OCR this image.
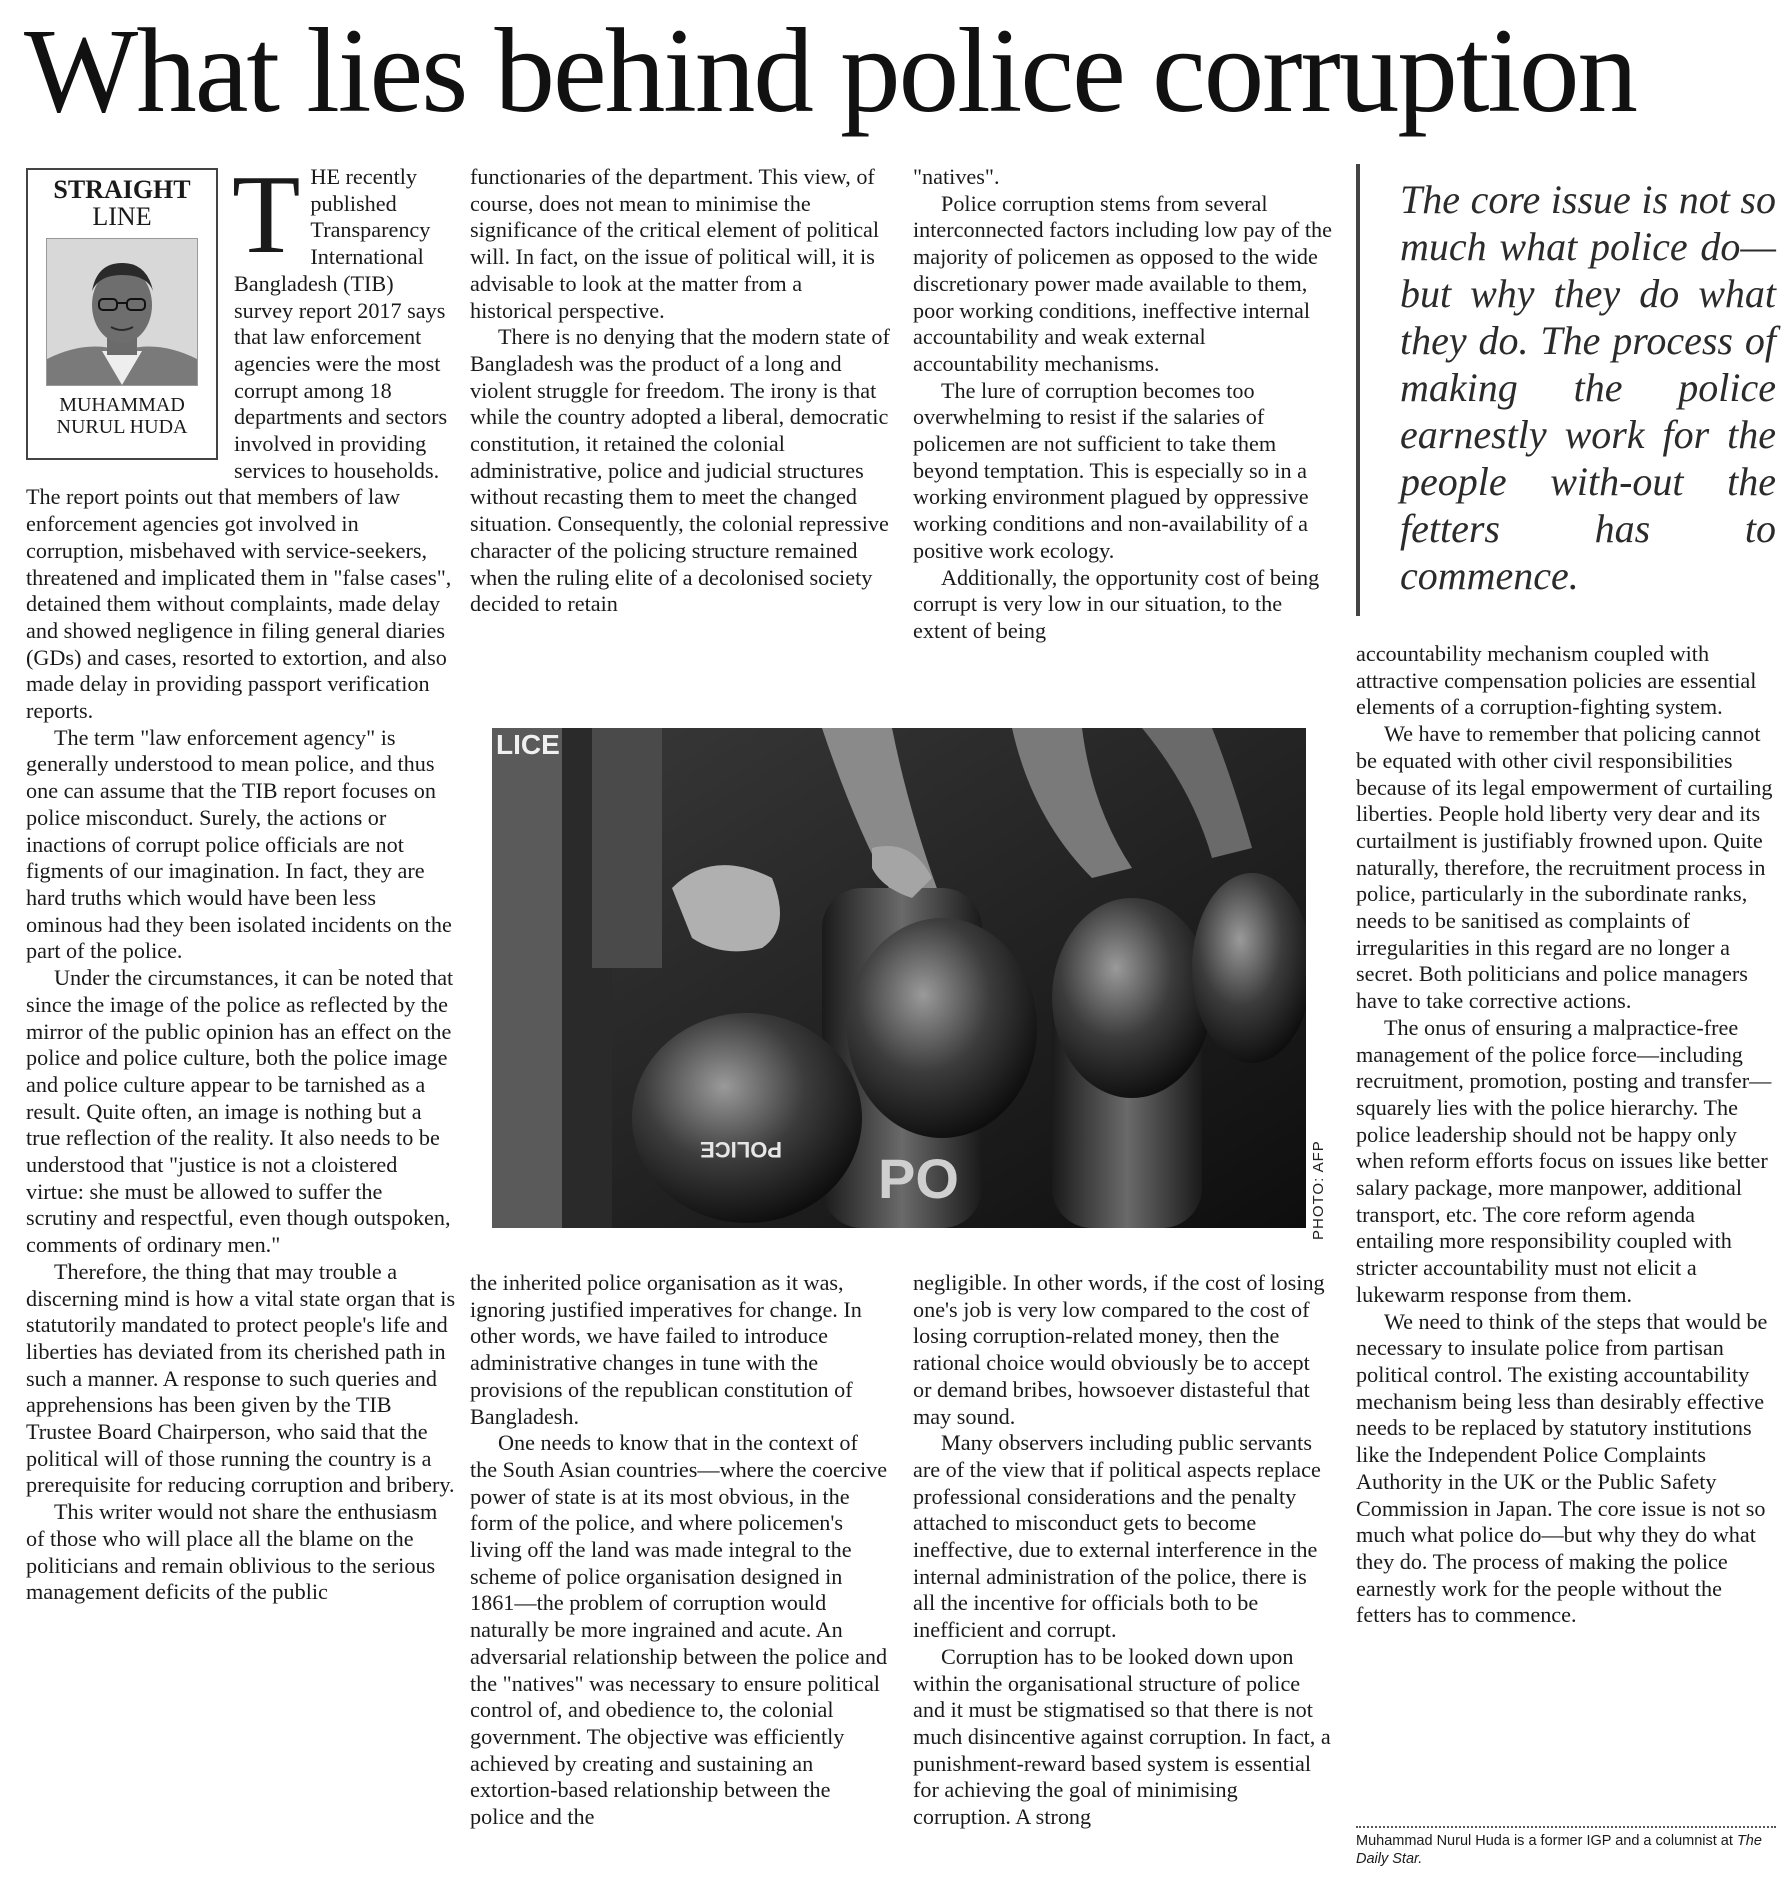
What lies behind police corruption
STRAIGHT
LINE
MUHAMMAD
NURUL HUDA

THE recently published Transparency International Bangladesh (TIB) survey report 2017 says that law enforcement agencies were the most corrupt among 18 departments and sectors involved in providing services to households. The report points out that members of law enforcement agencies got involved in corruption, misbehaved with service-seekers, threatened and implicated them in "false cases", detained them without complaints, made delay and showed negligence in filing general diaries (GDs) and cases, resorted to extortion, and also made delay in providing passport verification reports.

The term "law enforcement agency" is generally understood to mean police, and thus one can assume that the TIB report focuses on police misconduct. Surely, the actions or inactions of corrupt police officials are not figments of our imagination. In fact, they are hard truths which would have been less ominous had they been isolated incidents on the part of the police.

Under the circumstances, it can be noted that since the image of the police as reflected by the mirror of the public opinion has an effect on the police and police culture, both the police image and police culture appear to be tarnished as a result. Quite often, an image is nothing but a true reflection of the reality. It also needs to be understood that "justice is not a cloistered virtue: she must be allowed to suffer the scrutiny and respectful, even though outspoken, comments of ordinary men."

Therefore, the thing that may trouble a discerning mind is how a vital state organ that is statutorily mandated to protect people's life and liberties has deviated from its cherished path in such a manner. A response to such queries and apprehensions has been given by the TIB Trustee Board Chairperson, who said that the political will of those running the country is a prerequisite for reducing corruption and bribery.

This writer would not share the enthusiasm of those who will place all the blame on the politicians and remain oblivious to the serious management deficits of the public

functionaries of the department. This view, of course, does not mean to minimise the significance of the critical element of political will. In fact, on the issue of political will, it is advisable to look at the matter from a historical perspective.

There is no denying that the modern state of Bangladesh was the product of a long and violent struggle for freedom. The irony is that while the country adopted a liberal, democratic constitution, it retained the colonial administrative, police and judicial structures without recasting them to meet the changed situation. Consequently, the colonial repressive character of the policing structure remained when the ruling elite of a decolonised society decided to retain

"natives".

Police corruption stems from several interconnected factors including low pay of the majority of policemen as opposed to the wide discretionary power made available to them, poor working conditions, ineffective internal accountability and weak external accountability mechanisms.

The lure of corruption becomes too overwhelming to resist if the salaries of policemen are not sufficient to take them beyond temptation. This is especially so in a working environment plagued by oppressive working conditions and non-availability of a positive work ecology.

Additionally, the opportunity cost of being corrupt is very low in our situation, to the extent of being

The core issue is not so much what police do—but why they do what they do. The process of making the police earnestly work for the people with-out the fetters has to commence.

accountability mechanism coupled with attractive compensation policies are essential elements of a corruption-fighting system.

We have to remember that policing cannot be equated with other civil responsibilities because of its legal empowerment of curtailing liberties. People hold liberty very dear and its curtailment is justifiably frowned upon. Quite naturally, therefore, the recruitment process in police, particularly in the subordinate ranks, needs to be sanitised as complaints of irregularities in this regard are no longer a secret. Both politicians and police managers have to take corrective actions.

The onus of ensuring a malpractice-free management of the police force—including recruitment, promotion, posting and transfer—squarely lies with the police hierarchy. The police leadership should not be happy only when reform efforts focus on issues like better salary package, more manpower, additional transport, etc. The core reform agenda entailing more responsibility coupled with stricter accountability must not elicit a lukewarm response from them.

We need to think of the steps that would be necessary to insulate police from partisan political control. The existing accountability mechanism being less than desirably effective needs to be replaced by statutory institutions like the Independent Police Complaints Authority in the UK or the Public Safety Commission in Japan. The core issue is not so much what police do—but why they do what they do. The process of making the police earnestly work for the people without the fetters has to commence.

POLICE PO
LICE
PHOTO: AFP

the inherited police organisation as it was, ignoring justified imperatives for change. In other words, we have failed to introduce administrative changes in tune with the provisions of the republican constitution of Bangladesh.

One needs to know that in the context of the South Asian countries—where the coercive power of state is at its most obvious, in the form of the police, and where policemen's living off the land was made integral to the scheme of police organisation designed in 1861—the problem of corruption would naturally be more ingrained and acute. An adversarial relationship between the police and the "natives" was necessary to ensure political control of, and obedience to, the colonial government. The objective was efficiently achieved by creating and sustaining an extortion-based relationship between the police and the

negligible. In other words, if the cost of losing one's job is very low compared to the cost of losing corruption-related money, then the rational choice would obviously be to accept or demand bribes, howsoever distasteful that may sound.

Many observers including public servants are of the view that if political aspects replace professional considerations and the penalty attached to misconduct gets to become ineffective, due to external interference in the internal administration of the police, there is all the incentive for officials both to be inefficient and corrupt.

Corruption has to be looked down upon within the organisational structure of police and it must be stigmatised so that there is not much disincentive against corruption. In fact, a punishment-reward based system is essential for achieving the goal of minimising corruption. A strong

Muhammad Nurul Huda is a former IGP and a columnist at The Daily Star.
